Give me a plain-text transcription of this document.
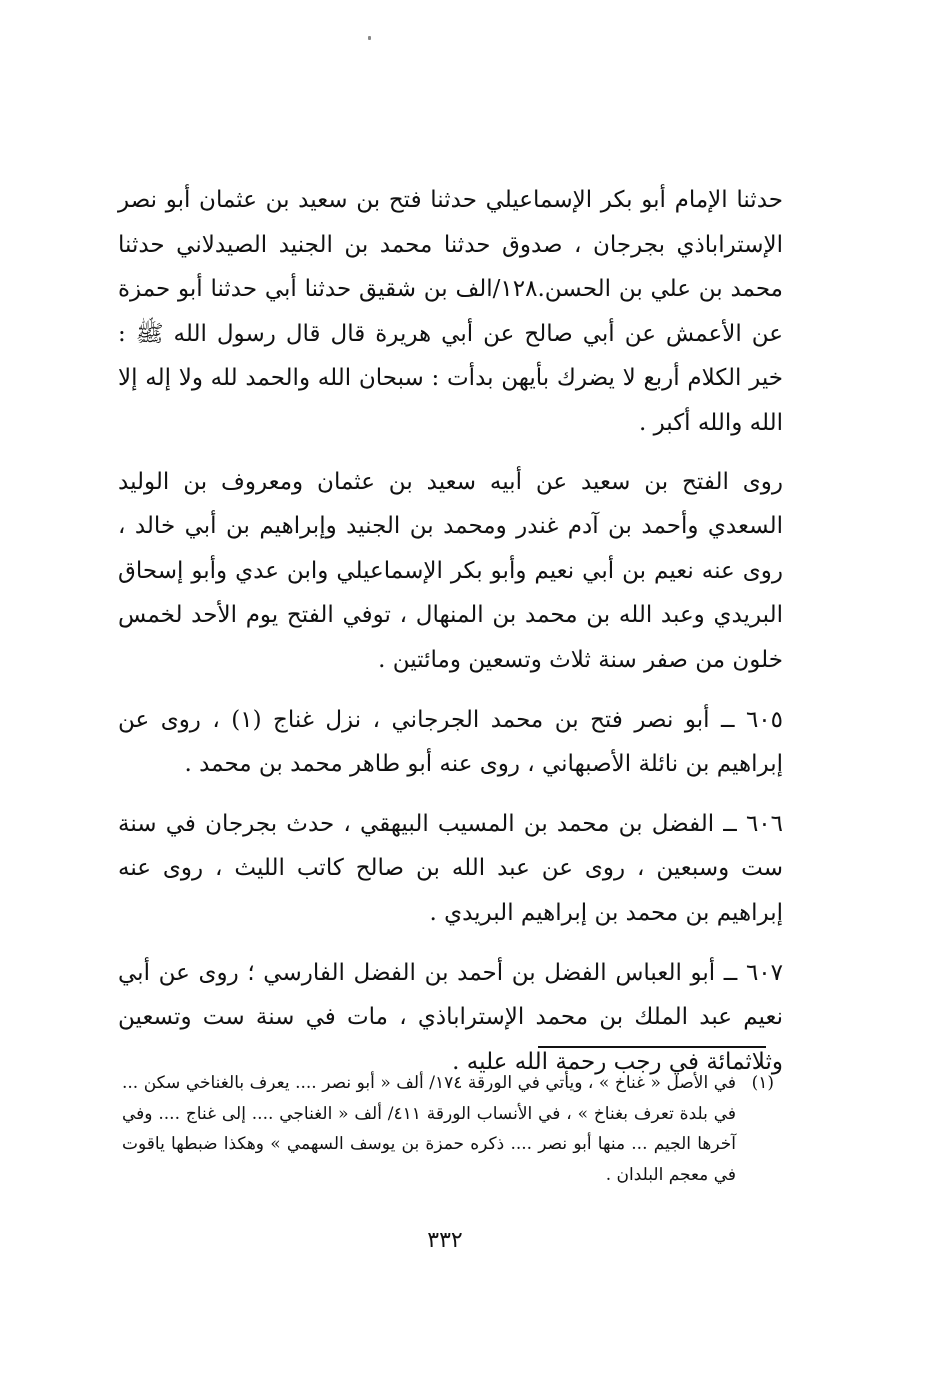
حدثنا الإمام أبو بكر الإسماعيلي حدثنا فتح بن سعيد بن عثمان أبو نصر الإستراباذي بجرجان ، صدوق حدثنا محمد بن الجنيد الصيدلاني حدثنا محمد بن علي بن الحسن.١٢٨/الف بن شقيق حدثنا أبي حدثنا أبو حمزة عن الأعمش عن أبي صالح عن أبي هريرة قال قال رسول الله ﷺ : خير الكلام أربع لا يضرك بأيهن بدأت : سبحان الله والحمد لله ولا إله إلا الله والله أكبر .

روى الفتح بن سعيد عن أبيه سعيد بن عثمان ومعروف بن الوليد السعدي وأحمد بن آدم غندر ومحمد بن الجنيد وإبراهيم بن أبي خالد ، روى عنه نعيم بن أبي نعيم وأبو بكر الإسماعيلي وابن عدي وأبو إسحاق البريدي وعبد الله بن محمد بن المنهال ، توفي الفتح يوم الأحد لخمس خلون من صفر سنة ثلاث وتسعين ومائتين .

٦٠٥ ــ أبو نصر فتح بن محمد الجرجاني ، نزل غناج (١) ، روى عن إبراهيم بن نائلة الأصبهاني ، روى عنه أبو طاهر محمد بن محمد .

٦٠٦ ــ الفضل بن محمد بن المسيب البيهقي ، حدث بجرجان في سنة ست وسبعين ، روى عن عبد الله بن صالح كاتب الليث ، روى عنه إبراهيم بن محمد بن إبراهيم البريدي .

٦٠٧ ــ أبو العباس الفضل بن أحمد بن الفضل الفارسي ؛ روى عن أبي نعيم عبد الملك بن محمد الإستراباذي ، مات في سنة ست وتسعين وثلاثمائة في رجب رحمة الله عليه .

(١)
في الأصل « غناخ » ، ويأتي في الورقة ١٧٤/ ألف « أبو نصر .... يعرف بالغناخي سكن ... في بلدة تعرف بغناخ » ، في الأنساب الورقة ٤١١/ ألف « الغناجي .... إلى غناج .... وفي آخرها الجيم ... منها أبو نصر .... ذكره حمزة بن يوسف السهمي » وهكذا ضبطها ياقوت في معجم البلدان .
٣٣٢
